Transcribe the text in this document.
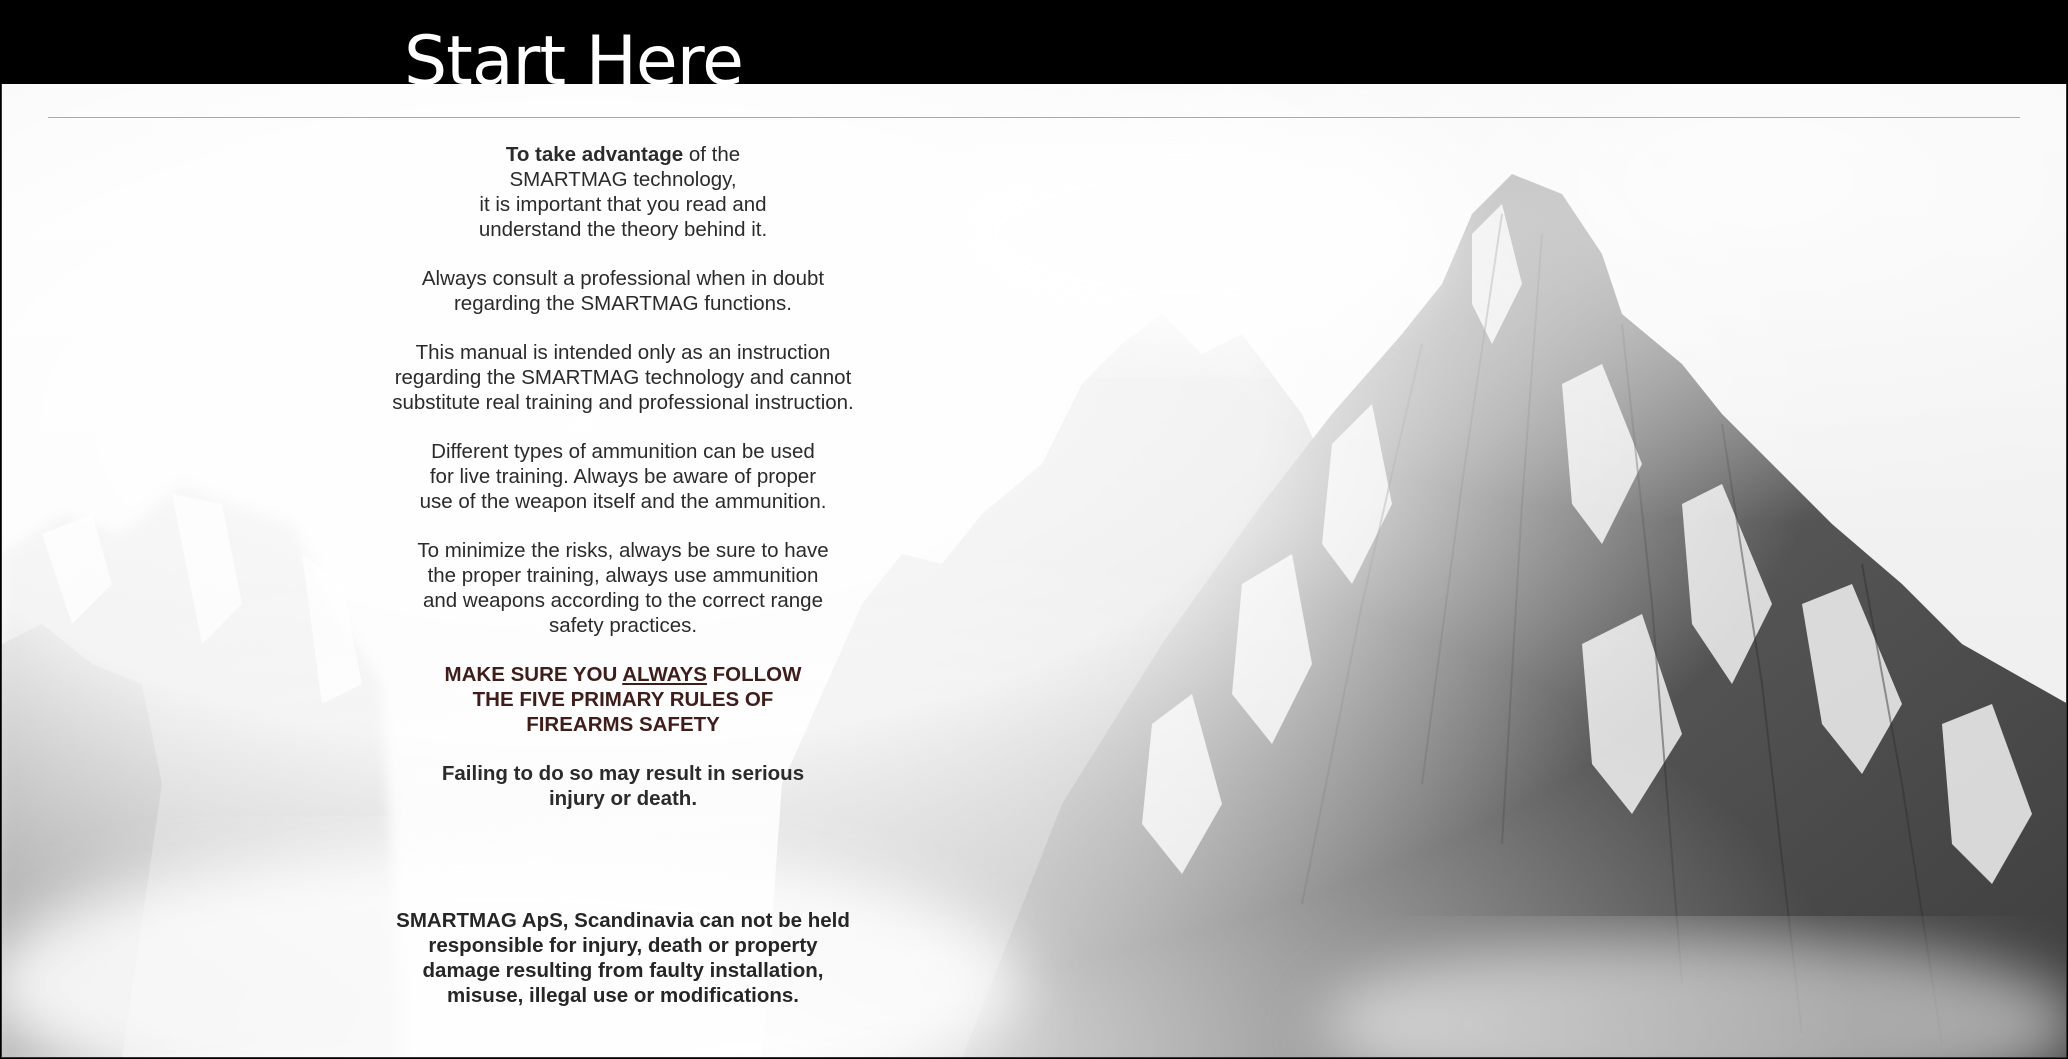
Start Here

To take advantage of the
SMARTMAG technology,
it is important that you read and
understand the theory behind it.

Always consult a professional when in doubt
regarding the SMARTMAG functions.

This manual is intended only as an instruction
regarding the SMARTMAG technology and cannot
substitute real training and professional instruction.

Different types of ammunition can be used
for live training. Always be aware of proper
use of the weapon itself and the ammunition.

To minimize the risks, always be sure to have
the proper training, always use ammunition
and weapons according to the correct range
safety practices.

MAKE SURE YOU ALWAYS FOLLOW
THE FIVE PRIMARY RULES OF
FIREARMS SAFETY

Failing to do so may result in serious
injury or death.

SMARTMAG ApS, Scandinavia can not be held
responsible for injury, death or property
damage resulting from faulty installation,
misuse, illegal use or modifications.
